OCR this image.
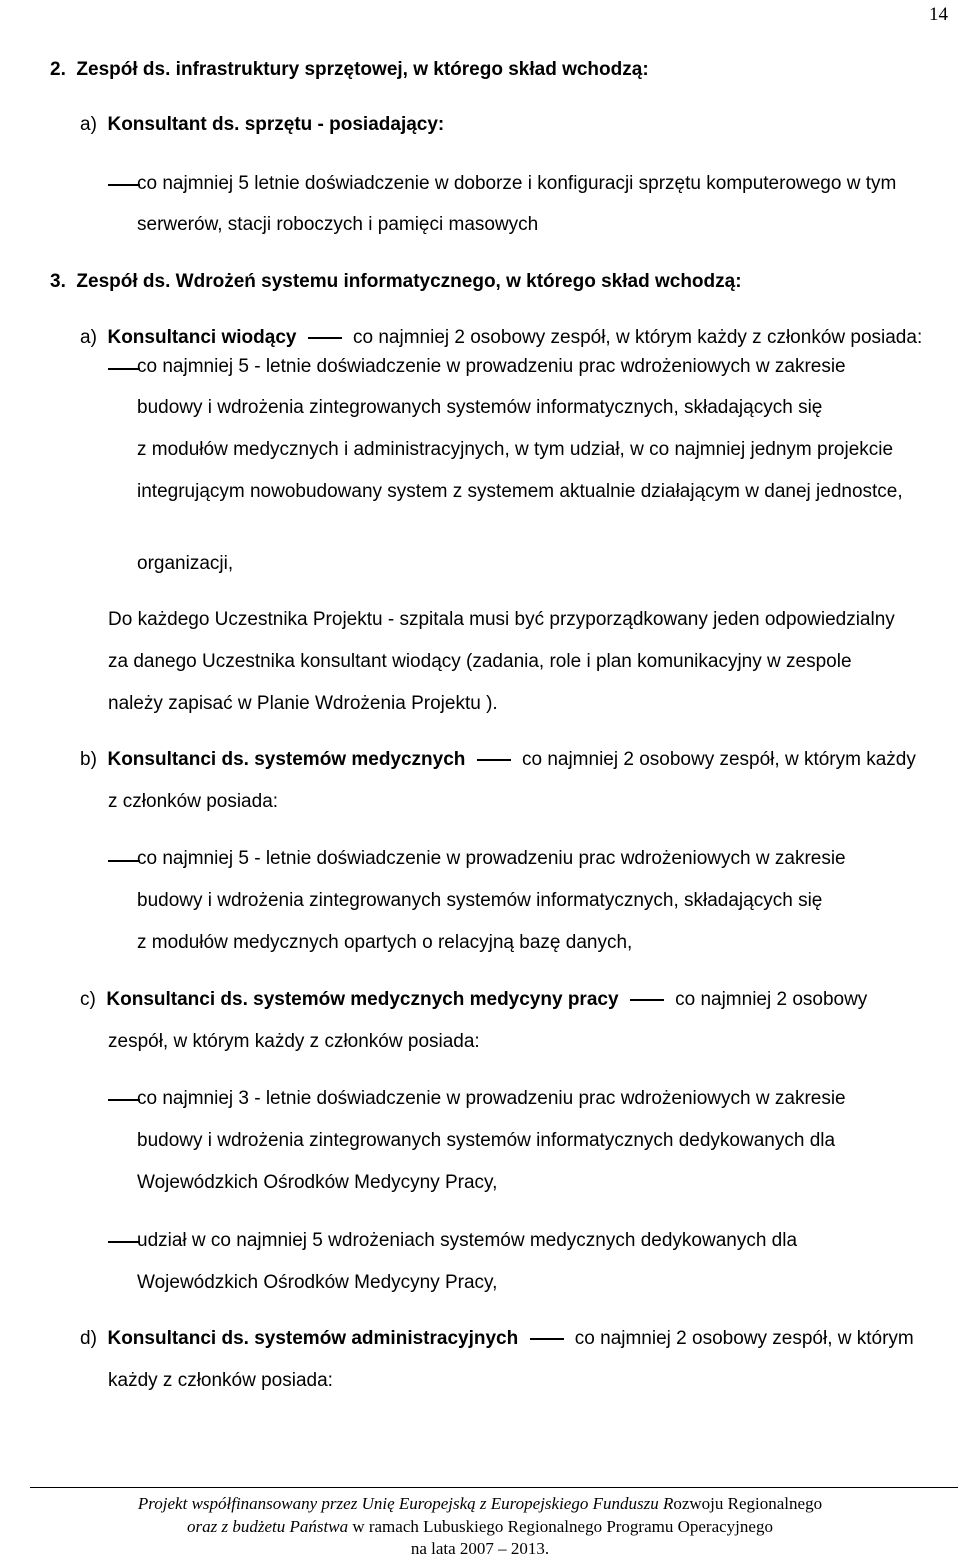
14
2. Zespół ds. infrastruktury sprzętowej, w którego skład wchodzą:
a) Konsultant ds. sprzętu - posiadający:
co najmniej 5 letnie doświadczenie w doborze i konfiguracji sprzętu komputerowego w tym
serwerów, stacji roboczych i pamięci masowych
3. Zespół ds. Wdrożeń systemu informatycznego, w którego skład wchodzą:
a) Konsultanci wiodący	co najmniej 2 osobowy zespół, w którym każdy z członków posiada:
co najmniej 5 - letnie doświadczenie w prowadzeniu prac wdrożeniowych w zakresie
budowy i wdrożenia zintegrowanych systemów informatycznych, składających się
z modułów medycznych i administracyjnych, w tym udział, w co najmniej jednym projekcie
integrującym nowobudowany system z systemem aktualnie działającym w danej jednostce,
organizacji,
Do każdego Uczestnika Projektu - szpitala musi być przyporządkowany jeden odpowiedzialny
za danego Uczestnika konsultant wiodący (zadania, role i plan komunikacyjny w zespole
należy zapisać w Planie Wdrożenia Projektu ).
b) Konsultanci ds. systemów medycznych	co najmniej 2 osobowy zespół, w którym każdy
z członków posiada:
co najmniej 5 - letnie doświadczenie w prowadzeniu prac wdrożeniowych w zakresie
budowy i wdrożenia zintegrowanych systemów informatycznych, składających się
z modułów medycznych opartych o relacyjną bazę danych,
c) Konsultanci ds. systemów medycznych medycyny pracy	co najmniej 2 osobowy
zespół, w którym każdy z członków posiada:
co najmniej 3 - letnie doświadczenie w prowadzeniu prac wdrożeniowych w zakresie
budowy i wdrożenia zintegrowanych systemów informatycznych dedykowanych dla
Wojewódzkich Ośrodków Medycyny Pracy,
udział w co najmniej 5 wdrożeniach systemów medycznych dedykowanych dla
Wojewódzkich Ośrodków Medycyny Pracy,
d) Konsultanci ds. systemów administracyjnych	co najmniej 2 osobowy zespół, w którym
każdy z członków posiada:
Projekt współfinansowany przez Unię Europejską z Europejskiego Funduszu Rozwoju Regionalnego
oraz z budżetu Państwa w ramach Lubuskiego Regionalnego Programu Operacyjnego
na lata 2007 – 2013.
